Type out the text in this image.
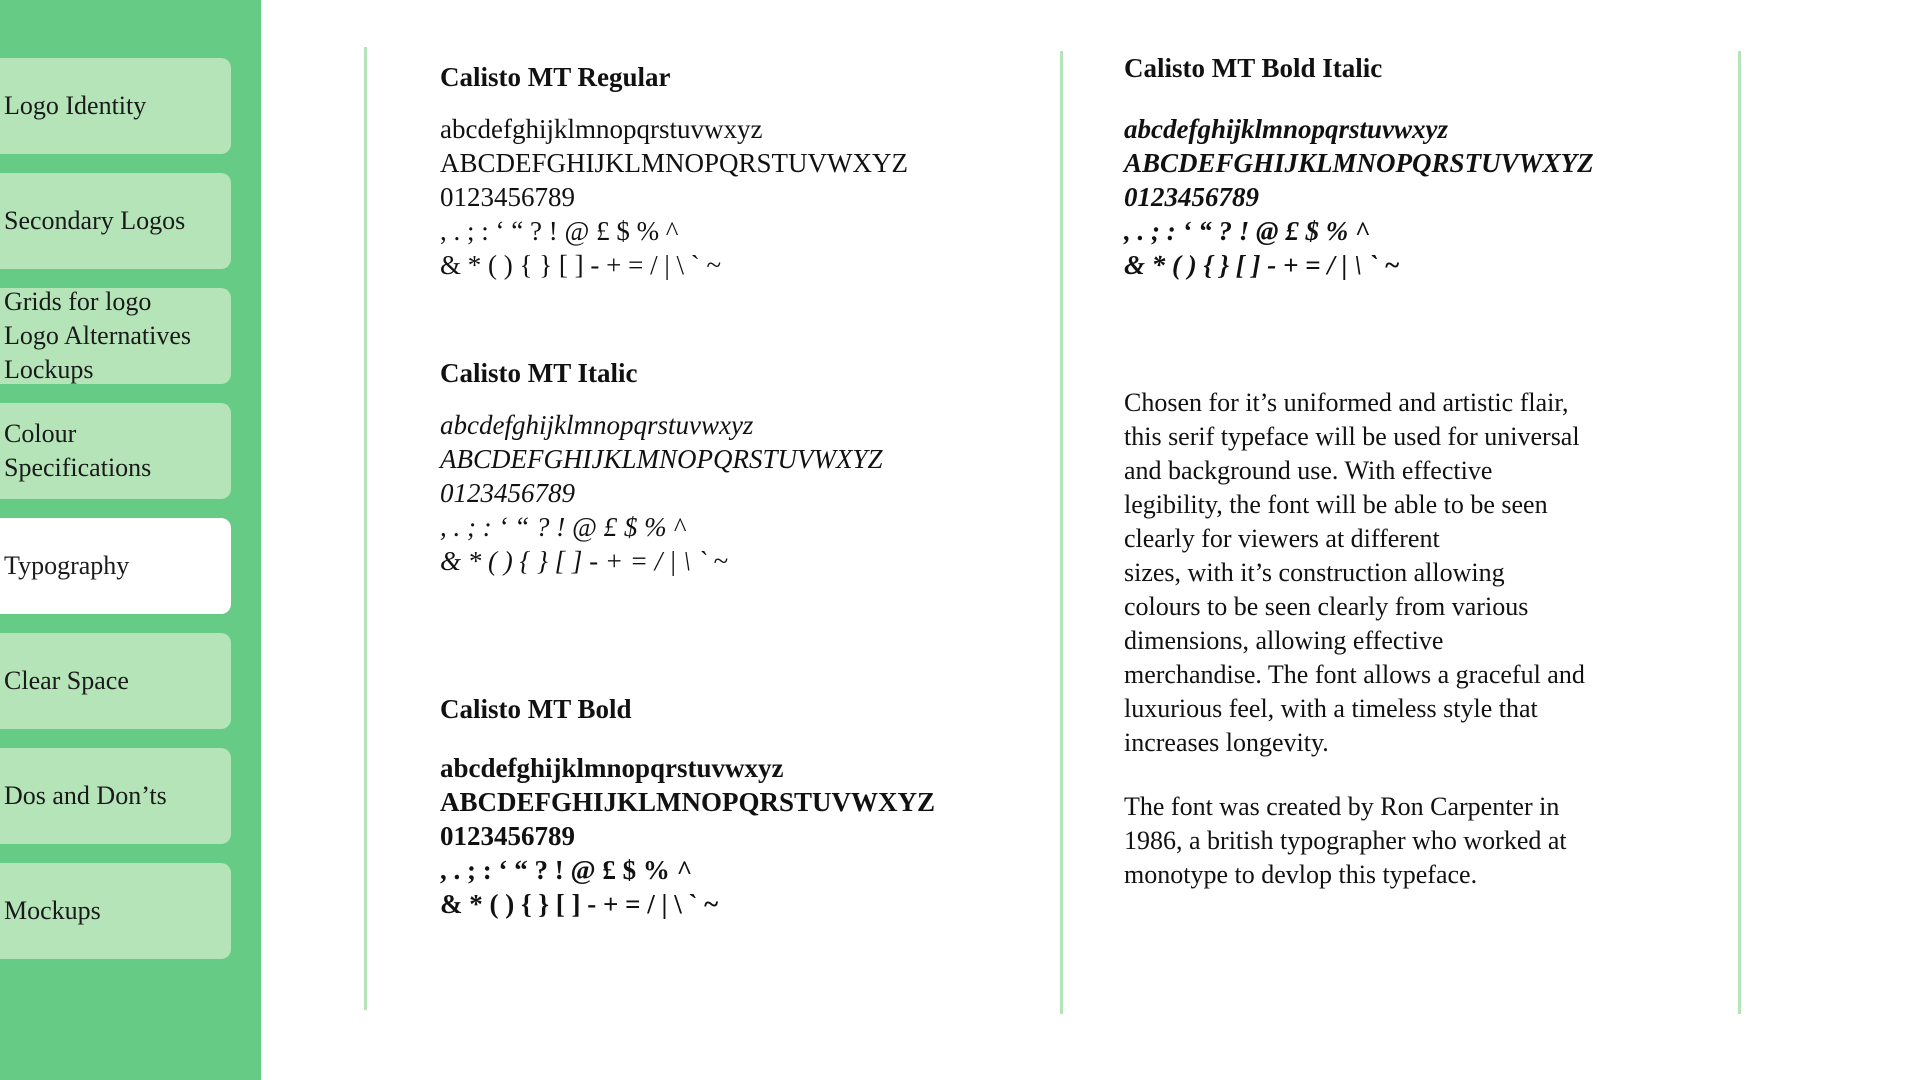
Logo Identity
Secondary Logos
Grids for logo
Logo Alternatives
Lockups
Colour
Specifications
Typography
Clear Space
Dos and Don’ts
Mockups
Calisto MT Regular
abcdefghijklmnopqrstuvwxyz
ABCDEFGHIJKLMNOPQRSTUVWXYZ
0123456789
, . ; : ‘ “ ? ! @ £ $ % ^
& * ( ) { } [ ] - + = / | \ ` ~
Calisto MT Italic
abcdefghijklmnopqrstuvwxyz
ABCDEFGHIJKLMNOPQRSTUVWXYZ
0123456789
, . ; : ‘ “ ? ! @ £ $ % ^
& * ( ) { } [ ] - + = / | \ ` ~
Calisto MT Bold
abcdefghijklmnopqrstuvwxyz
ABCDEFGHIJKLMNOPQRSTUVWXYZ
0123456789
, . ; : ‘ “ ? ! @ £ $ % ^
& * ( ) { } [ ] - + = / | \ ` ~
Calisto MT Bold Italic
abcdefghijklmnopqrstuvwxyz
ABCDEFGHIJKLMNOPQRSTUVWXYZ
0123456789
, . ; : ‘ “ ? ! @ £ $ % ^
& * ( ) { } [ ] - + = / | \ ` ~
Chosen for it’s uniformed and artistic flair,
this serif typeface will be used for universal
and background use. With effective
legibility, the font will be able to be seen
clearly for viewers at different
sizes, with it’s construction allowing
colours to be seen clearly from various
dimensions, allowing effective
merchandise. The font allows a graceful and
luxurious feel, with a timeless style that
increases longevity.
The font was created by Ron Carpenter in
1986, a british typographer who worked at
monotype to devlop this typeface.
